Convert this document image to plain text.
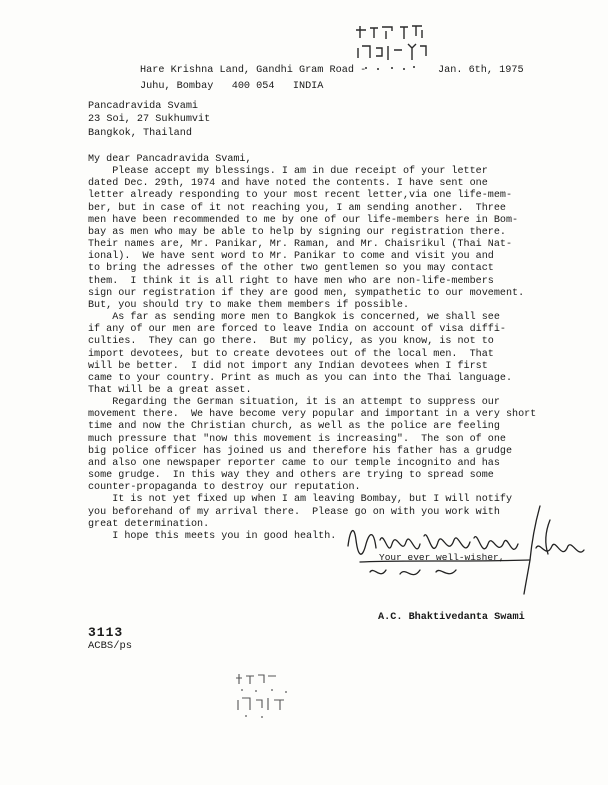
Hare Krishna Land, Gandhi Gram Road -	Jan. 6th, 1975
Juhu, Bombay   400 054   INDIA
Pancadravida Svami
23 Soi, 27 Sukhumvit
Bangkok, Thailand
My dear Pancadravida Svami,
Please accept my blessings. I am in due receipt of your letter
dated Dec. 29th, 1974 and have noted the contents. I have sent one
letter already responding to your most recent letter,via one life-mem-
ber, but in case of it not reaching you, I am sending another.  Three
men have been recommended to me by one of our life-members here in Bom-
bay as men who may be able to help by signing our registration there.
Their names are, Mr. Panikar, Mr. Raman, and Mr. Chaisrikul (Thai Nat-
ional).  We have sent word to Mr. Panikar to come and visit you and
to bring the adresses of the other two gentlemen so you may contact
them.  I think it is all right to have men who are non-life-members
sign our registration if they are good men, sympathetic to our movement.
But, you should try to make them members if possible.
As far as sending more men to Bangkok is concerned, we shall see
if any of our men are forced to leave India on account of visa diffi-
culties.  They can go there.  But my policy, as you know, is not to
import devotees, but to create devotees out of the local men.  That
will be better.  I did not import any Indian devotees when I first
came to your country. Print as much as you can into the Thai language.
That will be a great asset.
Regarding the German situation, it is an attempt to suppress our
movement there.  We have become very popular and important in a very short
time and now the Christian church, as well as the police are feeling
much pressure that "now this movement is increasing".  The son of one
big police officer has joined us and therefore his father has a grudge
and also one newspaper reporter came to our temple incognito and has
some grudge.  In this way they and others are trying to spread some
counter-propaganda to destroy our reputation.
It is not yet fixed up when I am leaving Bombay, but I will notify
you beforehand of my arrival there.  Please go on with you work with
great determination.
I hope this meets you in good health.
Your ever well-wisher,
A.C. Bhaktivedanta Swami
3113
ACBS/ps
